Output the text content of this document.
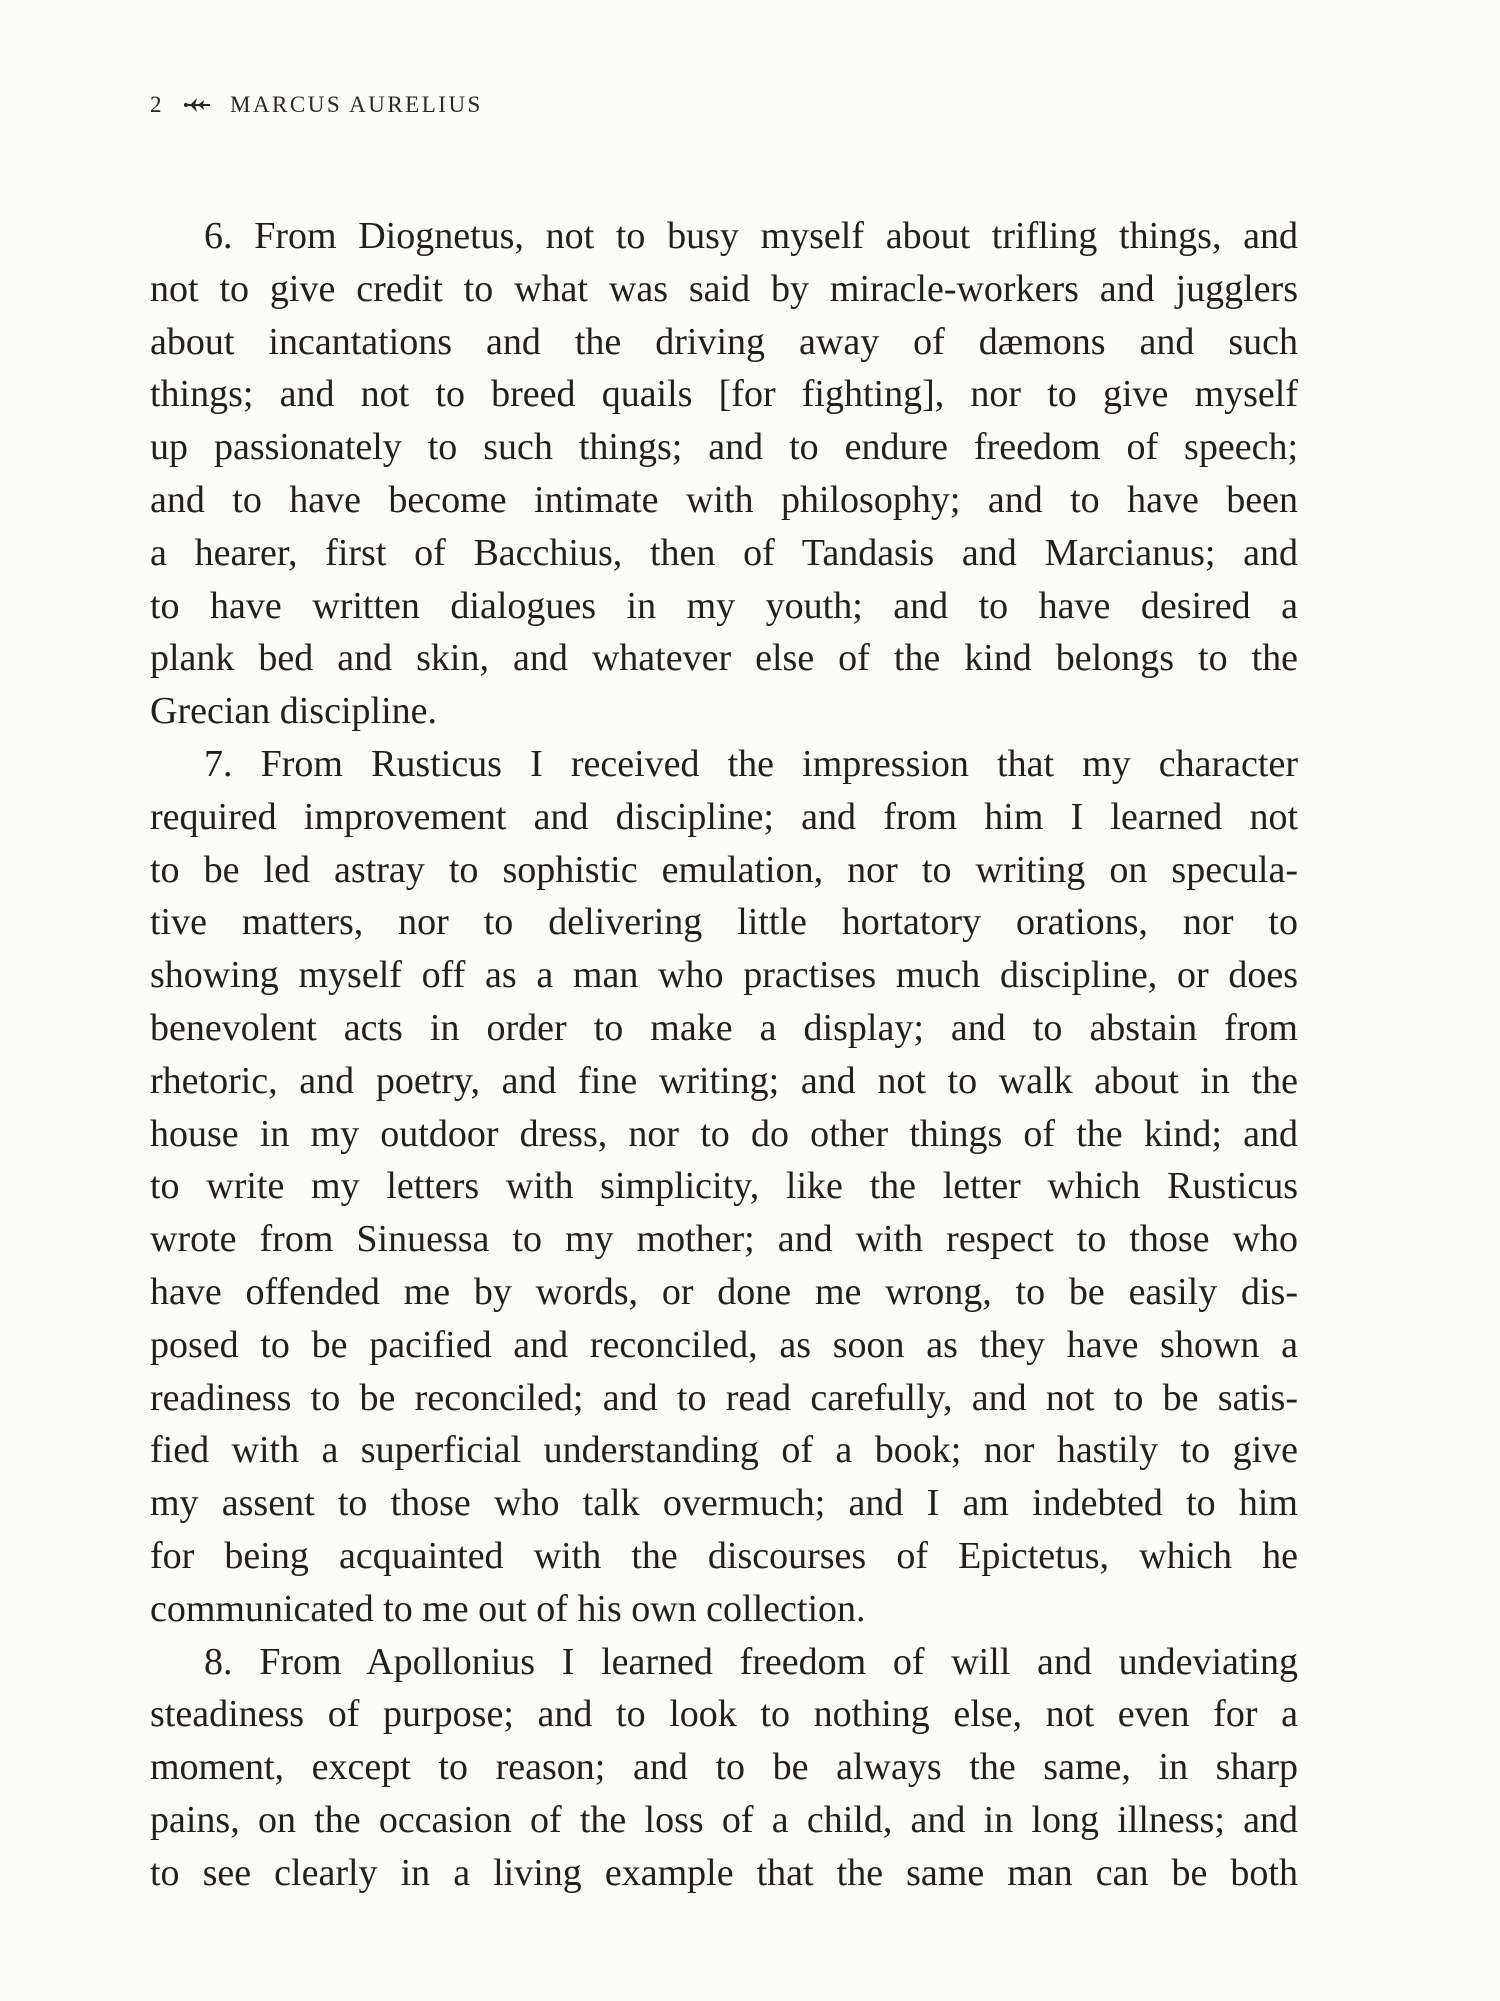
2	MARCUS AURELIUS
6. From Diognetus, not to busy myself about trifling things, and
not to give credit to what was said by miracle-workers and jugglers
about incantations and the driving away of dæmons and such
things; and not to breed quails [for fighting], nor to give myself
up passionately to such things; and to endure freedom of speech;
and to have become intimate with philosophy; and to have been
a hearer, first of Bacchius, then of Tandasis and Marcianus; and
to have written dialogues in my youth; and to have desired a
plank bed and skin, and whatever else of the kind belongs to the
Grecian discipline.
7. From Rusticus I received the impression that my character
required improvement and discipline; and from him I learned not
to be led astray to sophistic emulation, nor to writing on specula-
tive matters, nor to delivering little hortatory orations, nor to
showing myself off as a man who practises much discipline, or does
benevolent acts in order to make a display; and to abstain from
rhetoric, and poetry, and fine writing; and not to walk about in the
house in my outdoor dress, nor to do other things of the kind; and
to write my letters with simplicity, like the letter which Rusticus
wrote from Sinuessa to my mother; and with respect to those who
have offended me by words, or done me wrong, to be easily dis-
posed to be pacified and reconciled, as soon as they have shown a
readiness to be reconciled; and to read carefully, and not to be satis-
fied with a superficial understanding of a book; nor hastily to give
my assent to those who talk overmuch; and I am indebted to him
for being acquainted with the discourses of Epictetus, which he
communicated to me out of his own collection.
8. From Apollonius I learned freedom of will and undeviating
steadiness of purpose; and to look to nothing else, not even for a
moment, except to reason; and to be always the same, in sharp
pains, on the occasion of the loss of a child, and in long illness; and
to see clearly in a living example that the same man can be both
